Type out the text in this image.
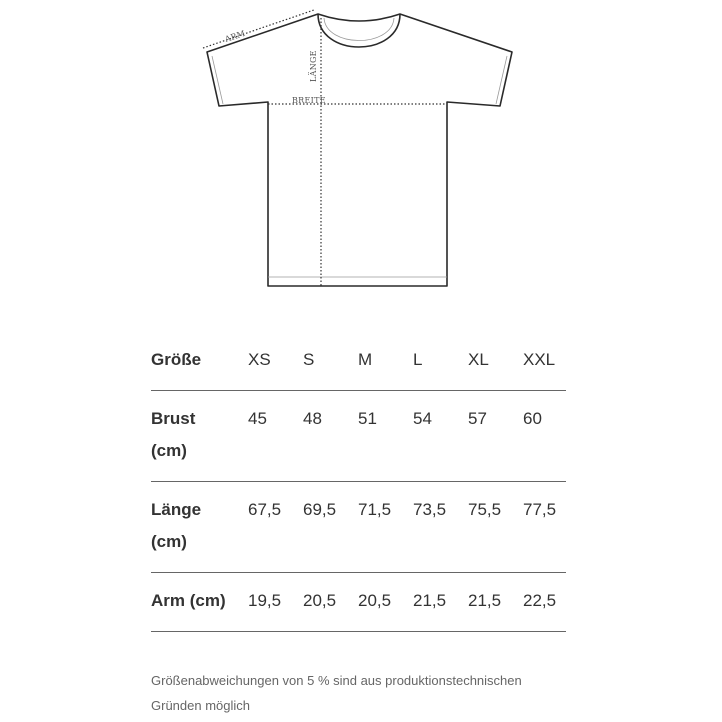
ARM
LÄNGE
BREITE
Größe	XS	S	M	L	XL	XXL

Brust
(cm)	45	48	51	54	57	60

Länge
(cm)	67,5	69,5	71,5	73,5	75,5	77,5

Arm (cm)	19,5	20,5	20,5	21,5	21,5	22,5
Größenabweichungen von 5 % sind aus produktionstechnischen
Gründen möglich
